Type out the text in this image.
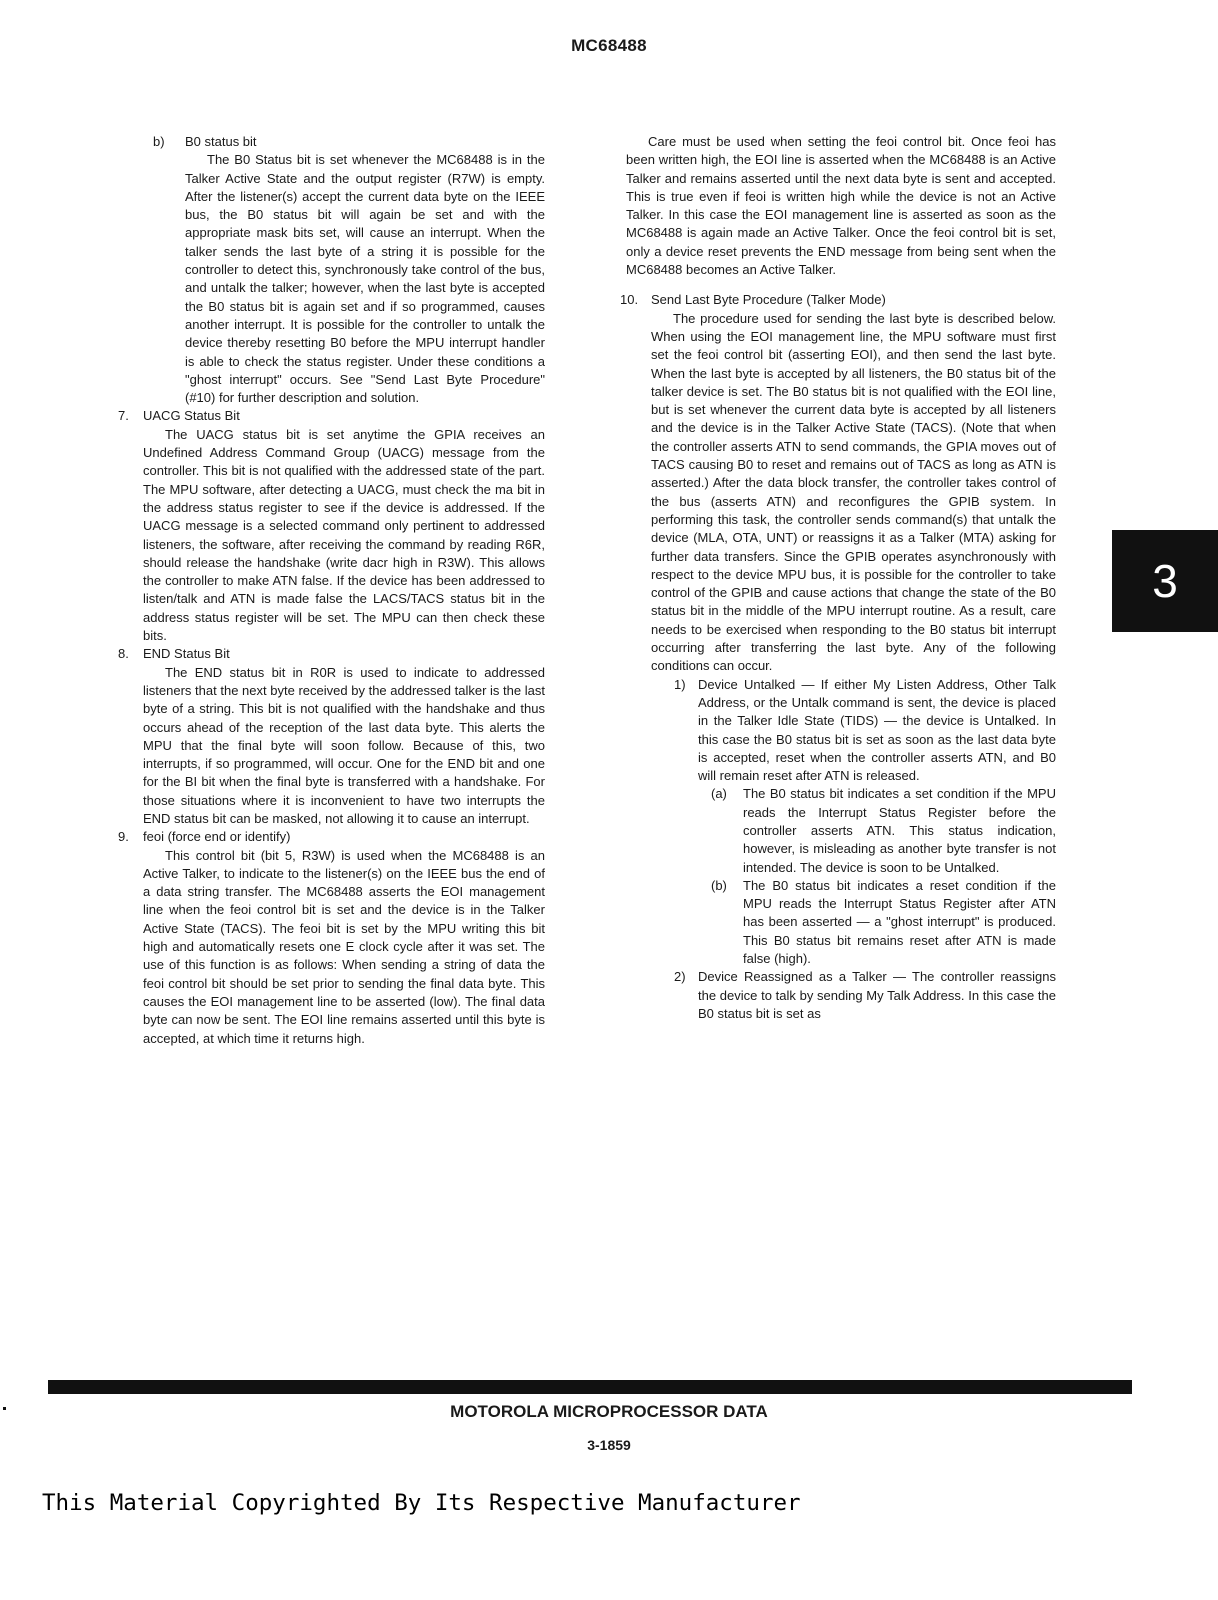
MC68488
b) B0 status bit

The B0 Status bit is set whenever the MC68488 is in the Talker Active State and the output register (R7W) is empty. After the listener(s) accept the current data byte on the IEEE bus, the B0 status bit will again be set and with the appropriate mask bits set, will cause an interrupt. When the talker sends the last byte of a string it is possible for the controller to detect this, synchronously take control of the bus, and untalk the talker; however, when the last byte is accepted the B0 status bit is again set and if so programmed, causes another interrupt. It is possible for the controller to untalk the device thereby resetting B0 before the MPU interrupt handler is able to check the status register. Under these conditions a "ghost interrupt" occurs. See "Send Last Byte Procedure" (#10) for further description and solution.

7. UACG Status Bit

The UACG status bit is set anytime the GPIA receives an Undefined Address Command Group (UACG) message from the controller. This bit is not qualified with the addressed state of the part. The MPU software, after detecting a UACG, must check the ma bit in the address status register to see if the device is addressed. If the UACG message is a selected command only pertinent to addressed listeners, the software, after receiving the command by reading R6R, should release the handshake (write dacr high in R3W). This allows the controller to make ATN false. If the device has been addressed to listen/talk and ATN is made false the LACS/TACS status bit in the address status register will be set. The MPU can then check these bits.

8. END Status Bit

The END status bit in R0R is used to indicate to addressed listeners that the next byte received by the addressed talker is the last byte of a string. This bit is not qualified with the handshake and thus occurs ahead of the reception of the last data byte. This alerts the MPU that the final byte will soon follow. Because of this, two interrupts, if so programmed, will occur. One for the END bit and one for the BI bit when the final byte is transferred with a handshake. For those situations where it is inconvenient to have two interrupts the END status bit can be masked, not allowing it to cause an interrupt.

9. feoi (force end or identify)

This control bit (bit 5, R3W) is used when the MC68488 is an Active Talker, to indicate to the listener(s) on the IEEE bus the end of a data string transfer. The MC68488 asserts the EOI management line when the feoi control bit is set and the device is in the Talker Active State (TACS). The feoi bit is set by the MPU writing this bit high and automatically resets one E clock cycle after it was set. The use of this function is as follows: When sending a string of data the feoi control bit should be set prior to sending the final data byte. This causes the EOI management line to be asserted (low). The final data byte can now be sent. The EOI line remains asserted until this byte is accepted, at which time it returns high.

Care must be used when setting the feoi control bit. Once feoi has been written high, the EOI line is asserted when the MC68488 is an Active Talker and remains asserted until the next data byte is sent and accepted. This is true even if feoi is written high while the device is not an Active Talker. In this case the EOI management line is asserted as soon as the MC68488 is again made an Active Talker. Once the feoi control bit is set, only a device reset prevents the END message from being sent when the MC68488 becomes an Active Talker.

10. Send Last Byte Procedure (Talker Mode)

The procedure used for sending the last byte is described below. When using the EOI management line, the MPU software must first set the feoi control bit (asserting EOI), and then send the last byte. When the last byte is accepted by all listeners, the B0 status bit of the talker device is set. The B0 status bit is not qualified with the EOI line, but is set whenever the current data byte is accepted by all listeners and the device is in the Talker Active State (TACS). (Note that when the controller asserts ATN to send commands, the GPIA moves out of TACS causing B0 to reset and remains out of TACS as long as ATN is asserted.) After the data block transfer, the controller takes control of the bus (asserts ATN) and reconfigures the GPIB system. In performing this task, the controller sends command(s) that untalk the device (MLA, OTA, UNT) or reassigns it as a Talker (MTA) asking for further data transfers. Since the GPIB operates asynchronously with respect to the device MPU bus, it is possible for the controller to take control of the GPIB and cause actions that change the state of the B0 status bit in the middle of the MPU interrupt routine. As a result, care needs to be exercised when responding to the B0 status bit interrupt occurring after transferring the last byte. Any of the following conditions can occur.

1) Device Untalked — If either My Listen Address, Other Talk Address, or the Untalk command is sent, the device is placed in the Talker Idle State (TIDS) — the device is Untalked. In this case the B0 status bit is set as soon as the last data byte is accepted, reset when the controller asserts ATN, and B0 will remain reset after ATN is released.

(a) The B0 status bit indicates a set condition if the MPU reads the Interrupt Status Register before the controller asserts ATN. This status indication, however, is misleading as another byte transfer is not intended. The device is soon to be Untalked.

(b) The B0 status bit indicates a reset condition if the MPU reads the Interrupt Status Register after ATN has been asserted — a "ghost interrupt" is produced. This B0 status bit remains reset after ATN is made false (high).

2) Device Reassigned as a Talker — The controller reassigns the device to talk by sending My Talk Address. In this case the B0 status bit is set as

3
MOTOROLA MICROPROCESSOR DATA
3-1859
This Material Copyrighted By Its Respective Manufacturer
